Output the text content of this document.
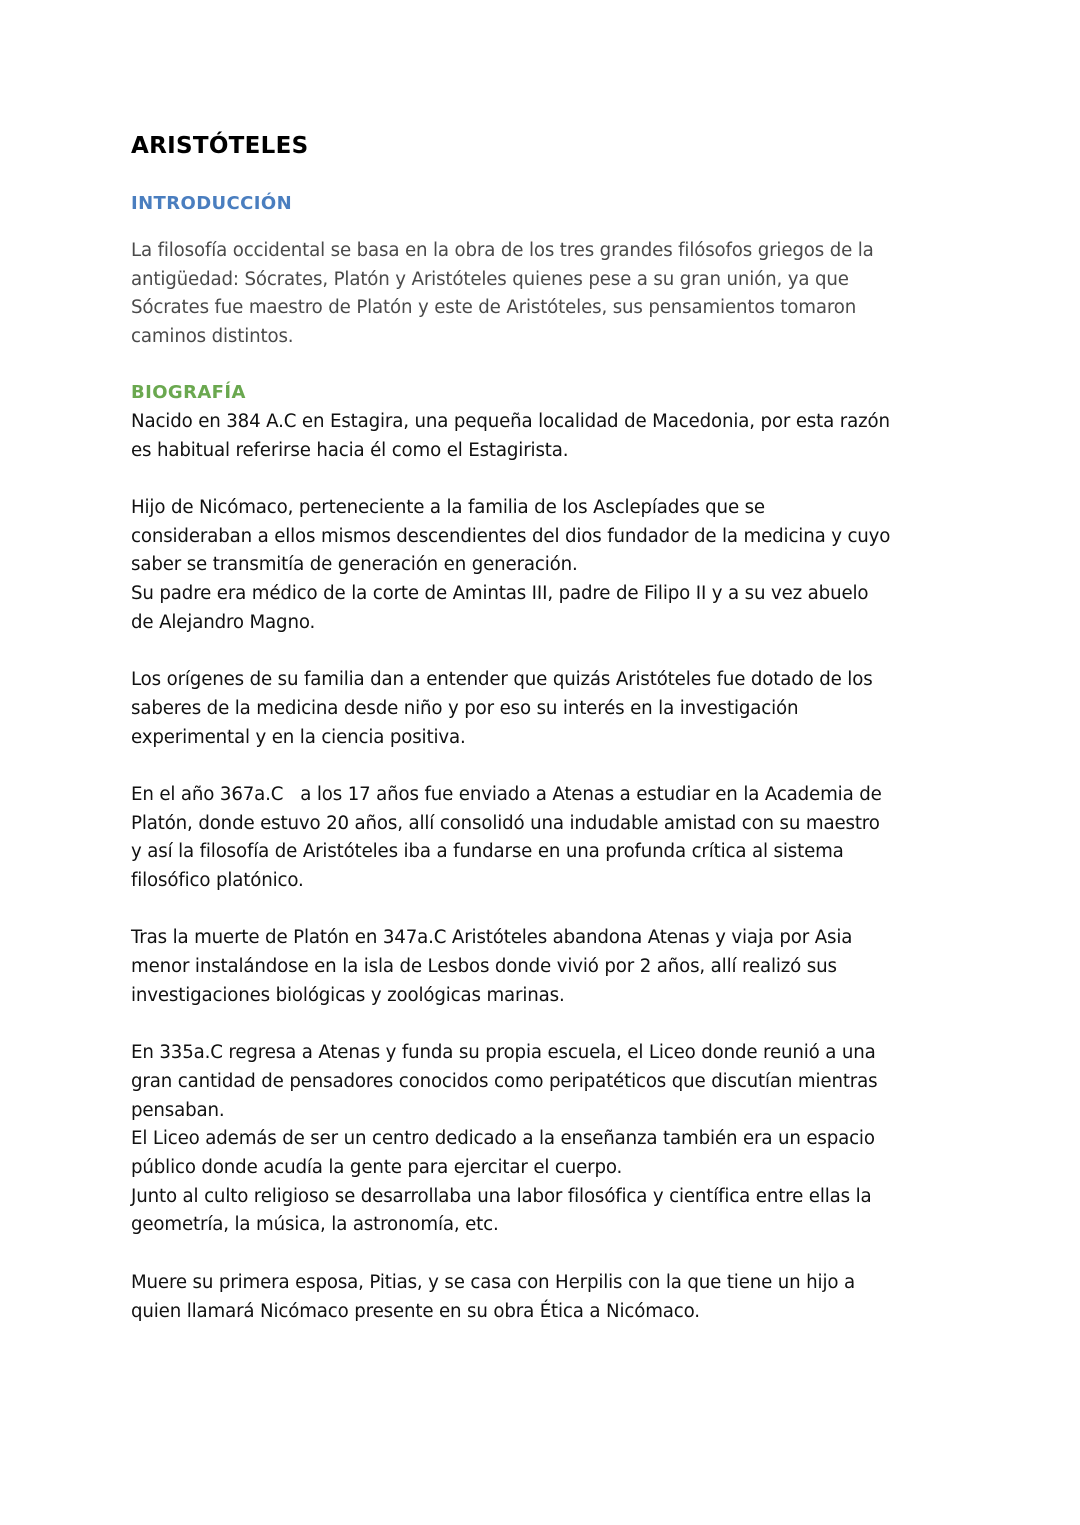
ARISTÓTELES
INTRODUCCIÓN

La filosofía occidental se basa en la obra de los tres grandes filósofos griegos de la
antigüedad: Sócrates, Platón y Aristóteles quienes pese a su gran unión, ya que
Sócrates fue maestro de Platón y este de Aristóteles, sus pensamientos tomaron
caminos distintos.

BIOGRAFÍA

Nacido en 384 A.C en Estagira, una pequeña localidad de Macedonia, por esta razón
es habitual referirse hacia él como el Estagirista.

Hijo de Nicómaco, perteneciente a la familia de los Asclepíades que se
consideraban a ellos mismos descendientes del dios fundador de la medicina y cuyo
saber se transmitía de generación en generación.
Su padre era médico de la corte de Amintas III, padre de Filipo II y a su vez abuelo
de Alejandro Magno.

Los orígenes de su familia dan a entender que quizás Aristóteles fue dotado de los
saberes de la medicina desde niño y por eso su interés en la investigación
experimental y en la ciencia positiva.

En el año 367a.C   a los 17 años fue enviado a Atenas a estudiar en la Academia de
Platón, donde estuvo 20 años, allí consolidó una indudable amistad con su maestro
y así la filosofía de Aristóteles iba a fundarse en una profunda crítica al sistema
filosófico platónico.

Tras la muerte de Platón en 347a.C Aristóteles abandona Atenas y viaja por Asia
menor instalándose en la isla de Lesbos donde vivió por 2 años, allí realizó sus
investigaciones biológicas y zoológicas marinas.

En 335a.C regresa a Atenas y funda su propia escuela, el Liceo donde reunió a una
gran cantidad de pensadores conocidos como peripatéticos que discutían mientras
pensaban.
El Liceo además de ser un centro dedicado a la enseñanza también era un espacio
público donde acudía la gente para ejercitar el cuerpo.
Junto al culto religioso se desarrollaba una labor filosófica y científica entre ellas la
geometría, la música, la astronomía, etc.

Muere su primera esposa, Pitias, y se casa con Herpilis con la que tiene un hijo a
quien llamará Nicómaco presente en su obra Ética a Nicómaco.
